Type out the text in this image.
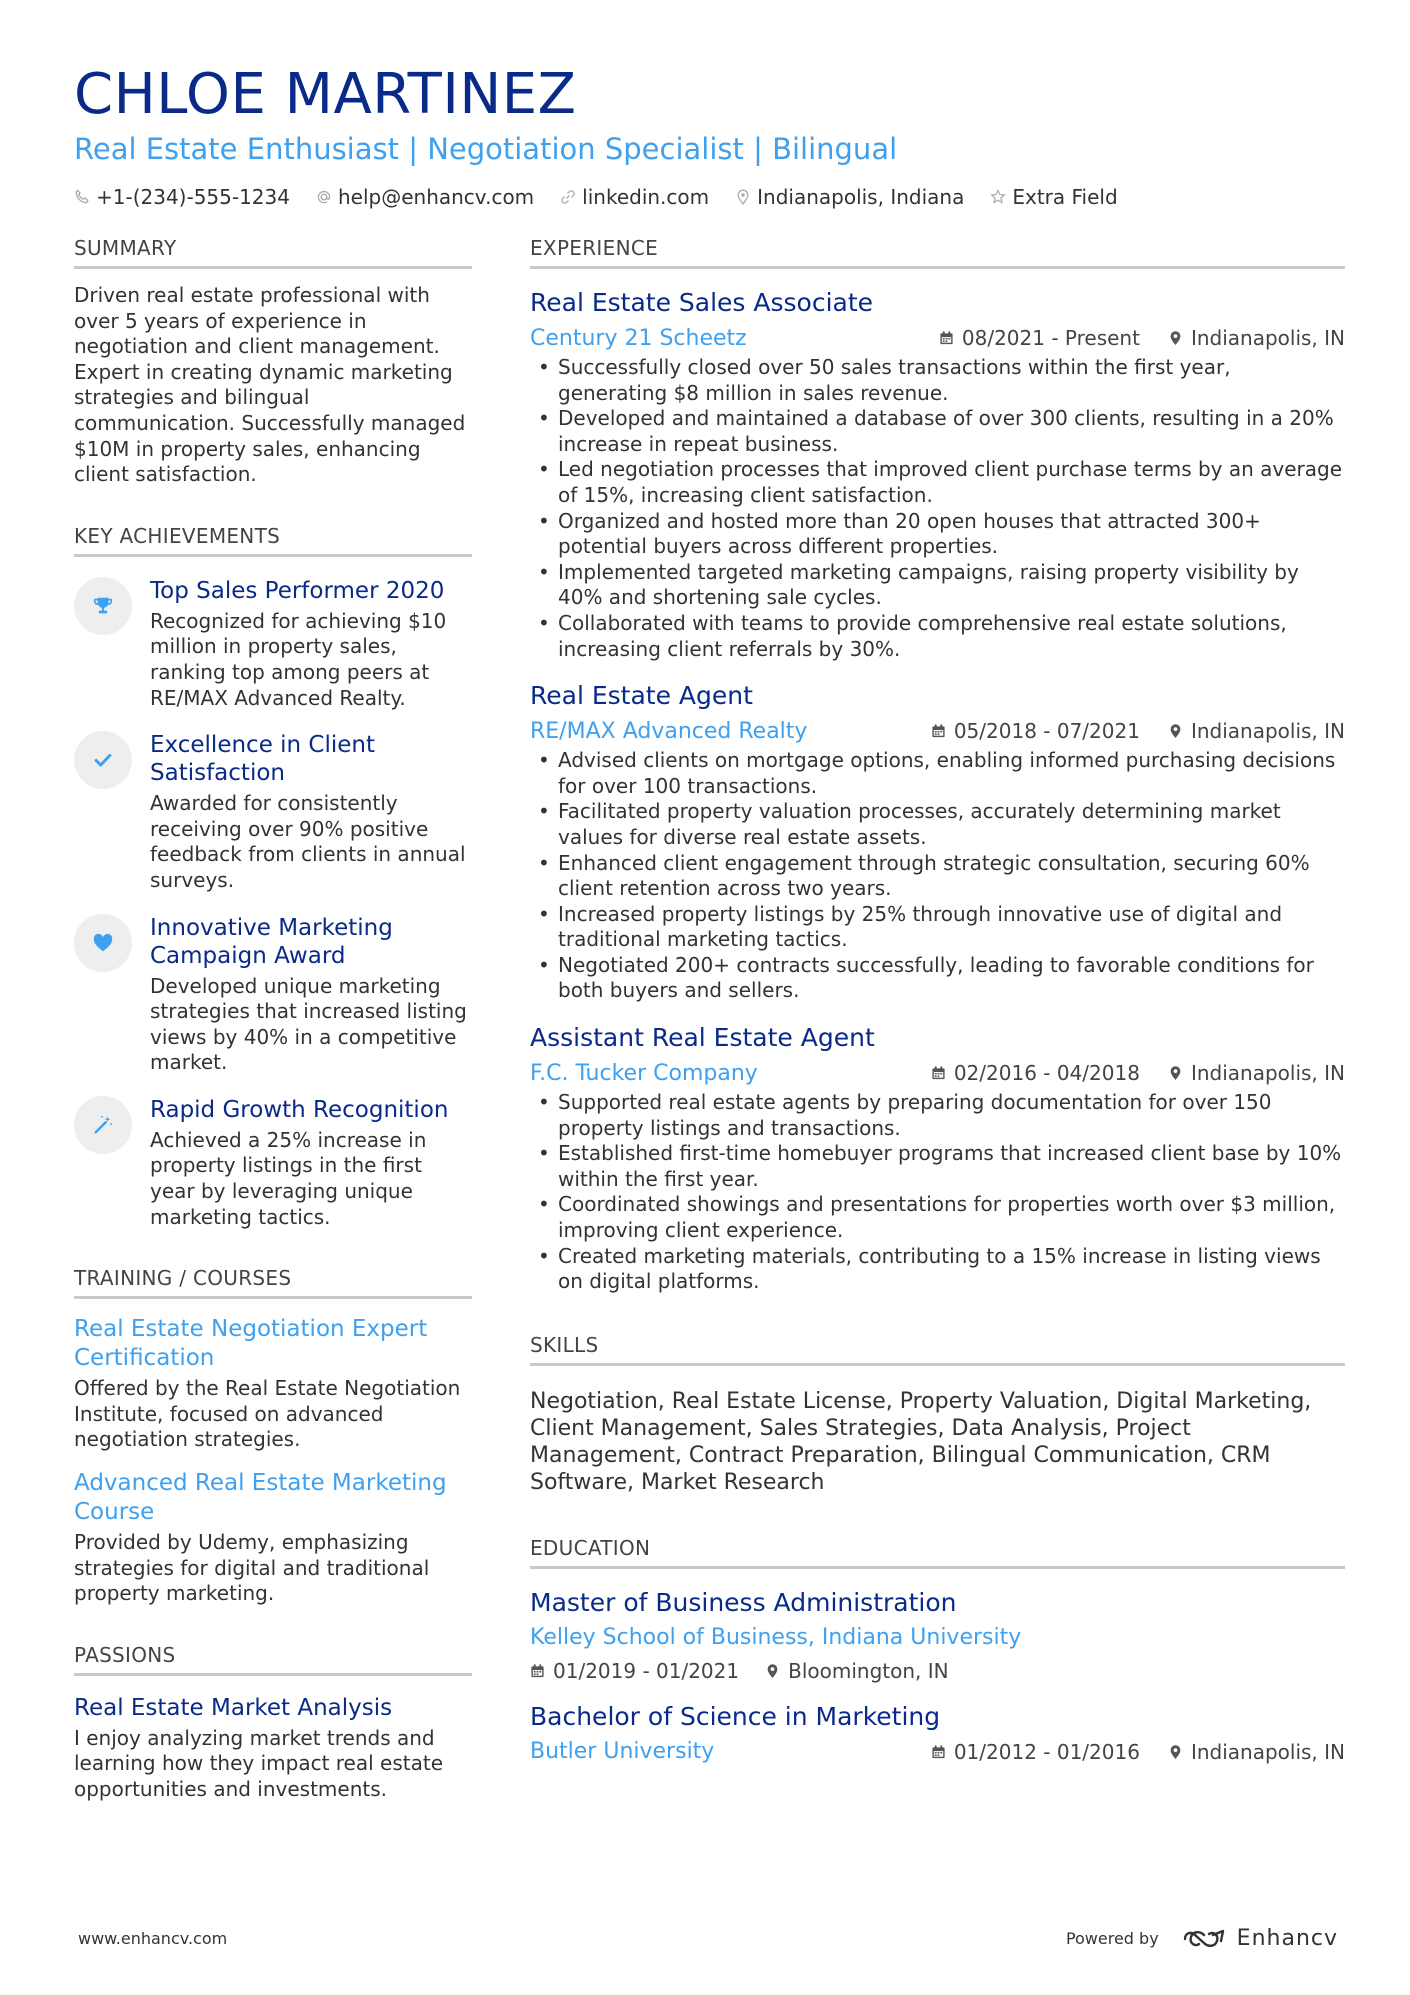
CHLOE MARTINEZ
Real Estate Enthusiast | Negotiation Specialist | Bilingual
+1-(234)-555-1234 help@enhancv.com linkedin.com Indianapolis, Indiana Extra Field
SUMMARY
Driven real estate professional with over 5 years of experience in negotiation and client management. Expert in creating dynamic marketing strategies and bilingual communication. Successfully managed $10M in property sales, enhancing client satisfaction.
KEY ACHIEVEMENTS
Top Sales Performer 2020
Recognized for achieving $10 million in property sales, ranking top among peers at RE/MAX Advanced Realty.
Excellence in Client Satisfaction
Awarded for consistently receiving over 90% positive feedback from clients in annual surveys.
Innovative Marketing Campaign Award
Developed unique marketing strategies that increased listing views by 40% in a competitive market.
Rapid Growth Recognition
Achieved a 25% increase in property listings in the first year by leveraging unique marketing tactics.
TRAINING / COURSES
Real Estate Negotiation Expert Certification
Offered by the Real Estate Negotiation Institute, focused on advanced negotiation strategies.
Advanced Real Estate Marketing Course
Provided by Udemy, emphasizing strategies for digital and traditional property marketing.
PASSIONS
Real Estate Market Analysis
I enjoy analyzing market trends and learning how they impact real estate opportunities and investments.
EXPERIENCE
Real Estate Sales Associate
Century 21 Scheetz	08/2021 - Present	Indianapolis, IN
• Successfully closed over 50 sales transactions within the first year, generating $8 million in sales revenue.
• Developed and maintained a database of over 300 clients, resulting in a 20% increase in repeat business.
• Led negotiation processes that improved client purchase terms by an average of 15%, increasing client satisfaction.
• Organized and hosted more than 20 open houses that attracted 300+ potential buyers across different properties.
• Implemented targeted marketing campaigns, raising property visibility by 40% and shortening sale cycles.
• Collaborated with teams to provide comprehensive real estate solutions, increasing client referrals by 30%.
Real Estate Agent
RE/MAX Advanced Realty	05/2018 - 07/2021	Indianapolis, IN
• Advised clients on mortgage options, enabling informed purchasing decisions for over 100 transactions.
• Facilitated property valuation processes, accurately determining market values for diverse real estate assets.
• Enhanced client engagement through strategic consultation, securing 60% client retention across two years.
• Increased property listings by 25% through innovative use of digital and traditional marketing tactics.
• Negotiated 200+ contracts successfully, leading to favorable conditions for both buyers and sellers.
Assistant Real Estate Agent
F.C. Tucker Company	02/2016 - 04/2018	Indianapolis, IN
• Supported real estate agents by preparing documentation for over 150 property listings and transactions.
• Established first-time homebuyer programs that increased client base by 10% within the first year.
• Coordinated showings and presentations for properties worth over $3 million, improving client experience.
• Created marketing materials, contributing to a 15% increase in listing views on digital platforms.
SKILLS
Negotiation, Real Estate License, Property Valuation, Digital Marketing, Client Management, Sales Strategies, Data Analysis, Project Management, Contract Preparation, Bilingual Communication, CRM Software, Market Research
EDUCATION
Master of Business Administration
Kelley School of Business, Indiana University
01/2019 - 01/2021 Bloomington, IN
Bachelor of Science in Marketing
Butler University	01/2012 - 01/2016	Indianapolis, IN
www.enhancv.com	Powered by	Enhancv
